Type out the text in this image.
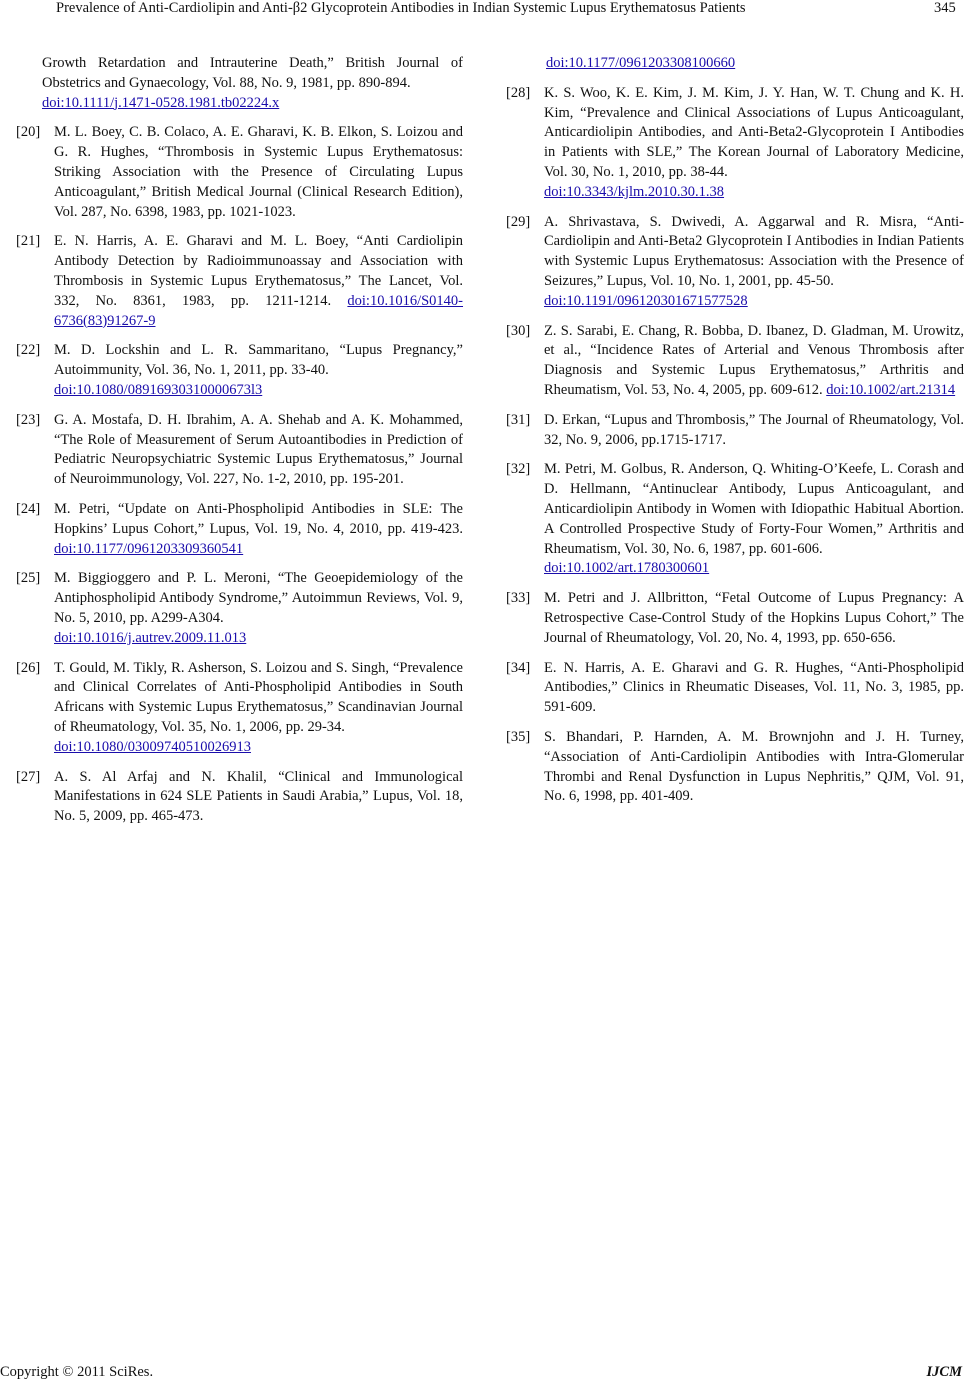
Prevalence of Anti-Cardiolipin and Anti-β2 Glycoprotein Antibodies in Indian Systemic Lupus Erythematosus Patients	345
Growth Retardation and Intrauterine Death,” British Journal of Obstetrics and Gynaecology, Vol. 88, No. 9, 1981, pp. 890-894.
doi:10.1111/j.1471-0528.1981.tb02224.x
[20] M. L. Boey, C. B. Colaco, A. E. Gharavi, K. B. Elkon, S. Loizou and G. R. Hughes, “Thrombosis in Systemic Lupus Erythematosus: Striking Association with the Presence of Circulating Lupus Anticoagulant,” British Medical Journal (Clinical Research Edition), Vol. 287, No. 6398, 1983, pp. 1021-1023.
[21] E. N. Harris, A. E. Gharavi and M. L. Boey, “Anti Cardiolipin Antibody Detection by Radioimmunoassay and Association with Thrombosis in Systemic Lupus Erythematosus,” The Lancet, Vol. 332, No. 8361, 1983, pp. 1211-1214. doi:10.1016/S0140-6736(83)91267-9
[22] M. D. Lockshin and L. R. Sammaritano, “Lupus Pregnancy,” Autoimmunity, Vol. 36, No. 1, 2011, pp. 33-40.
doi:10.1080/08916930310000673l3
[23] G. A. Mostafa, D. H. Ibrahim, A. A. Shehab and A. K. Mohammed, “The Role of Measurement of Serum Autoantibodies in Prediction of Pediatric Neuropsychiatric Systemic Lupus Erythematosus,” Journal of Neuroimmunology, Vol. 227, No. 1-2, 2010, pp. 195-201.
[24] M. Petri, “Update on Anti-Phospholipid Antibodies in SLE: The Hopkins’ Lupus Cohort,” Lupus, Vol. 19, No. 4, 2010, pp. 419-423. doi:10.1177/0961203309360541
[25] M. Biggioggero and P. L. Meroni, “The Geoepidemiology of the Antiphospholipid Antibody Syndrome,” Autoimmun Reviews, Vol. 9, No. 5, 2010, pp. A299-A304.
doi:10.1016/j.autrev.2009.11.013
[26] T. Gould, M. Tikly, R. Asherson, S. Loizou and S. Singh, “Prevalence and Clinical Correlates of Anti-Phospholipid Antibodies in South Africans with Systemic Lupus Erythematosus,” Scandinavian Journal of Rheumatology, Vol. 35, No. 1, 2006, pp. 29-34.
doi:10.1080/03009740510026913
[27] A. S. Al Arfaj and N. Khalil, “Clinical and Immunological Manifestations in 624 SLE Patients in Saudi Arabia,” Lupus, Vol. 18, No. 5, 2009, pp. 465-473.
doi:10.1177/0961203308100660
[28] K. S. Woo, K. E. Kim, J. M. Kim, J. Y. Han, W. T. Chung and K. H. Kim, “Prevalence and Clinical Associations of Lupus Anticoagulant, Anticardiolipin Antibodies, and Anti-Beta2-Glycoprotein I Antibodies in Patients with SLE,” The Korean Journal of Laboratory Medicine, Vol. 30, No. 1, 2010, pp. 38-44.
doi:10.3343/kjlm.2010.30.1.38
[29] A. Shrivastava, S. Dwivedi, A. Aggarwal and R. Misra, “Anti-Cardiolipin and Anti-Beta2 Glycoprotein I Antibodies in Indian Patients with Systemic Lupus Erythematosus: Association with the Presence of Seizures,” Lupus, Vol. 10, No. 1, 2001, pp. 45-50.
doi:10.1191/096120301671577528
[30] Z. S. Sarabi, E. Chang, R. Bobba, D. Ibanez, D. Gladman, M. Urowitz, et al., “Incidence Rates of Arterial and Venous Thrombosis after Diagnosis and Systemic Lupus Erythematosus,” Arthritis and Rheumatism, Vol. 53, No. 4, 2005, pp. 609-612. doi:10.1002/art.21314
[31] D. Erkan, “Lupus and Thrombosis,” The Journal of Rheumatology, Vol. 32, No. 9, 2006, pp.1715-1717.
[32] M. Petri, M. Golbus, R. Anderson, Q. Whiting-O’Keefe, L. Corash and D. Hellmann, “Antinuclear Antibody, Lupus Anticoagulant, and Anticardiolipin Antibody in Women with Idiopathic Habitual Abortion. A Controlled Prospective Study of Forty-Four Women,” Arthritis and Rheumatism, Vol. 30, No. 6, 1987, pp. 601-606.
doi:10.1002/art.1780300601
[33] M. Petri and J. Allbritton, “Fetal Outcome of Lupus Pregnancy: A Retrospective Case-Control Study of the Hopkins Lupus Cohort,” The Journal of Rheumatology, Vol. 20, No. 4, 1993, pp. 650-656.
[34] E. N. Harris, A. E. Gharavi and G. R. Hughes, “Anti-Phospholipid Antibodies,” Clinics in Rheumatic Diseases, Vol. 11, No. 3, 1985, pp. 591-609.
[35] S. Bhandari, P. Harnden, A. M. Brownjohn and J. H. Turney, “Association of Anti-Cardiolipin Antibodies with Intra-Glomerular Thrombi and Renal Dysfunction in Lupus Nephritis,” QJM, Vol. 91, No. 6, 1998, pp. 401-409.
Copyright © 2011 SciRes.	IJCM
